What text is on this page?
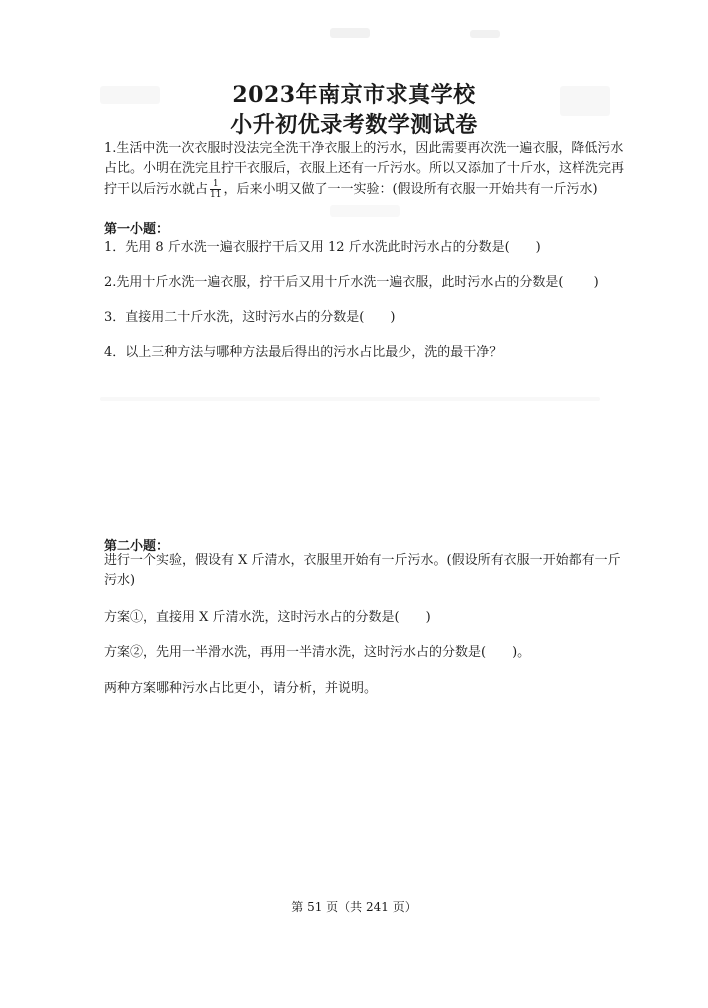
2023年南京市求真学校
小升初优录考数学测试卷
1.生活中洗一次衣服时没法完全洗干净衣服上的污水，因此需要再次洗一遍衣服，降低污水占比。小明在洗完且拧干衣服后，衣服上还有一斤污水。所以又添加了十斤水，这样洗完再拧干以后污水就占 $\frac{1}{11}$ ，后来小明又做了一一实验：(假设所有衣服一开始共有一斤污水)
第一小题：
1．先用 8 斤水洗一遍衣服拧干后又用 12 斤水洗此时污水占的分数是(　　)
2.先用十斤水洗一遍衣服，拧干后又用十斤水洗一遍衣服，此时污水占的分数是(　　 )
3．直接用二十斤水洗，这时污水占的分数是(　　)
4．以上三种方法与哪种方法最后得出的污水占比最少，洗的最干净？
第二小题：
进行一个实验，假设有 X 斤清水，衣服里开始有一斤污水。(假设所有衣服一开始都有一斤污水)
方案①，直接用 X 斤清水洗，这时污水占的分数是(　　)
方案②，先用一半滑水洗，再用一半清水洗，这时污水占的分数是(　　)。
两种方案哪种污水占比更小，请分析，并说明。
第 51 页（共 241 页）
